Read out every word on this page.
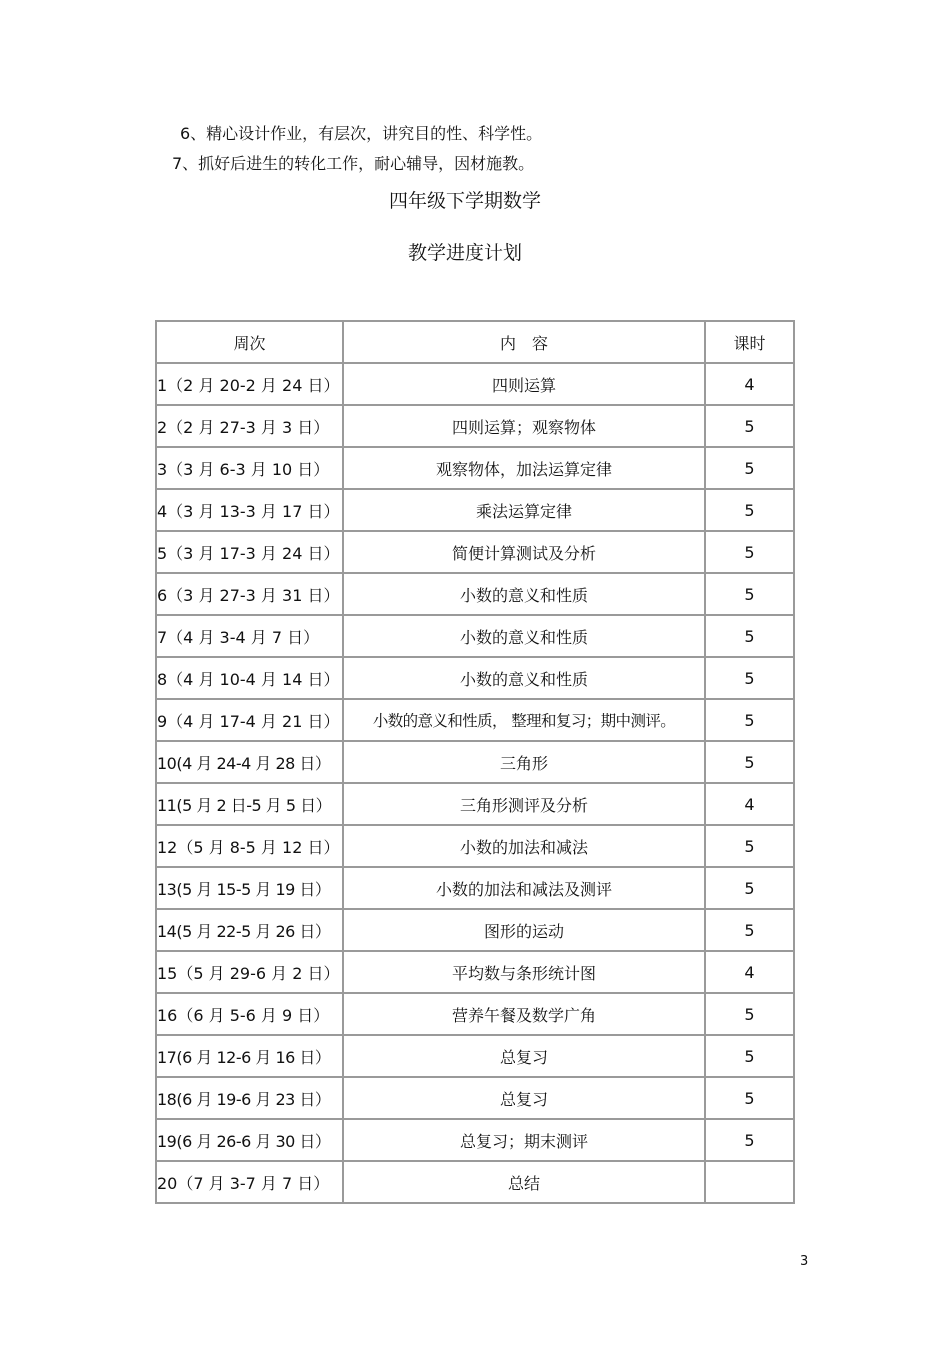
6、精心设计作业，有层次，讲究目的性、科学性。
7、抓好后进生的转化工作，耐心辅导，因材施教。
四年级下学期数学
教学进度计划
周次	内　容	课时
1（2 月 20-2 月 24 日）	四则运算	4
2（2 月 27-3 月 3 日）	四则运算；观察物体	5
3（3 月 6-3 月 10 日）	观察物体，加法运算定律	5
4（3 月 13-3 月 17 日）	乘法运算定律	5
5（3 月 17-3 月 24 日）	简便计算测试及分析	5
6（3 月 27-3 月 31 日）	小数的意义和性质	5
7（4 月 3-4 月 7 日）	小数的意义和性质	5
8（4 月 10-4 月 14 日）	小数的意义和性质	5
9（4 月 17-4 月 21 日）	小数的意义和性质， 整理和复习；期中测评。	5
10(4 月 24-4 月 28 日）	三角形	5
11(5 月 2 日-5 月 5 日）	三角形测评及分析	4
12（5 月 8-5 月 12 日）	小数的加法和减法	5
13(5 月 15-5 月 19 日）	小数的加法和减法及测评	5
14(5 月 22-5 月 26 日）	图形的运动	5
15（5 月 29-6 月 2 日）	平均数与条形统计图	4
16（6 月 5-6 月 9 日）	营养午餐及数学广角	5
17(6 月 12-6 月 16 日）	总复习	5
18(6 月 19-6 月 23 日）	总复习	5
19(6 月 26-6 月 30 日）	总复习；期末测评	5
20（7 月 3-7 月 7 日）	总结	
3
